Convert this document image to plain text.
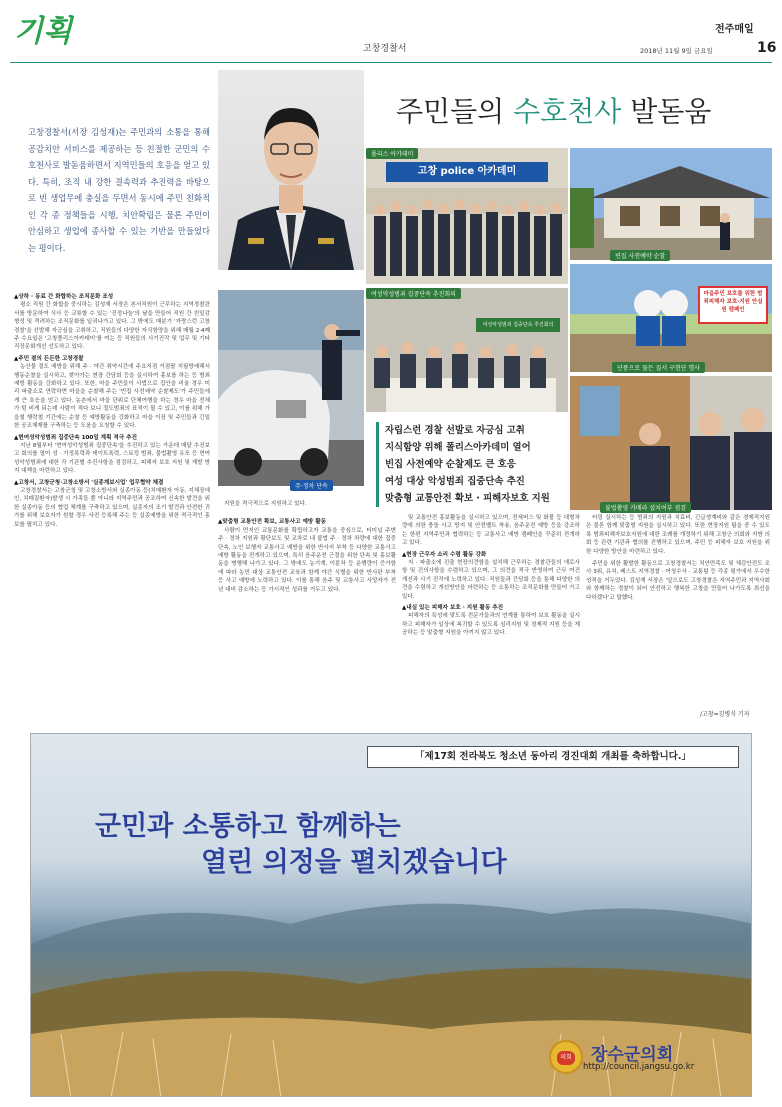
기획	고창경찰서
전주매일
2018년 11월 9일 금요일	16
김성재 서장
고창경찰서(서장 김성재)는 주민과의 소통을 통해 공감치안 서비스를 제공하는 등 친절한 군민의 수호천사로 발돋움하면서 지역민들의 호응을 얻고 있다. 특히, 조직 내 강한 결속력과 추진력을 바탕으로 빈 생업무에 충실을 두면서 동시에 주민 친화적인 각 종 정책들을 시행, 치안확립은 물론 주민이 안심하고 생업에 종사할 수 있는 기반을 만들었다는 평이다.
주민들의 수호천사 발돋움
고창 police 아카데미
폴리스 아카데미
빈집 사전예약 순찰
여성악성범죄 집중단속 추진회의
여성악성범죄 집중단속 추진회의	마을주민 보호를 위한 범죄피해자 보호·지원 안심원 캠페인
단풍으로 물든 질서 구현단 행사
주·정차 단속
불법촬영 카메라 설치여부 점검
자립스런 경찰 선발로 자긍심 고취
지식함양 위해 폴리스아카데미 열어
빈집 사전예약 순찰제도 큰 호응
여성 대상 악성범죄 집중단속 추진
맞춤형 교통안전 확보 · 피해자보호 지원
▲상하 · 동료 간 화합하는 조직문화 조성

평소 직원 간 화합을 중시하는 김성재 서장은 본서직원이 근무하는 지역경찰관서를 방문하여 식사 등 교류할 수 있는 '진정나눔'의 날을 만들어 직원 간 친밀감 형성 및 격려하는 조직문화를 일궈나가고 있다. 그 밖에도 매분기 '자랑스런 고창경찰'을 선발해 자긍심을 고취하고, 직원들의 다양한 자식함양을 위해 매월 2·4째주 수요일은 '고창폴리스아카데미'를 여는 등 직원들의 사기진작 및 업무 및 기타 직장문화개선 선도하고 있다.

▲주민 곁의 든든한 고창경찰

농산물 절도 예방을 위해 주 · 야간 취약시간에 주요지점 거점팔 지필방예해서 행동순찰을 실시하고, 찾아가는 현장 간담회 등을 실시하여 홍보를 하는 등 범죄예방 활동을 강화하고 있다. 또한, 마을 주민들이 사법으로 집안을 비울 경우 미리 파출소로 연락하면 마을을 순찰해 주는 '빈집 사전예약 순찰제도'가 주민들에게 큰 호응을 얻고 있다. 농촌에서 마을 단위로 단체여행을 하는 경우 마을 전체가 텅 비게 되는데 사람이 적다 보니 절도범죄의 표적이 될 수 있고, 이를 위해 가을철 행락철 기간에는 순찰 등 예방활동을 강화하고 마을 이장 및 주민들과 긴밀한 공조체제를 구축하는 등 도움을 요청할 수 있다.

▲현여성악성범죄 집중단속 100일 계획 적극 추진

지난 8월부터 '현여성악성범죄 집중단속'을 추진하고 있는 가운데 매달 추진보고 회의를 열어 성 · 가정폭력과 데이트폭력, 스토킹 범죄, 불법촬영 유포 등 현여성악성범죄에 대한 각 기관별 추진사항을 점검하고, 피해자 보호 지원 및 재발 방지 대책을 마련하고 있다.

▲고창서, 고창군청·고창소방서 '실종계보시업' 업무협약 체결

고창경찰서는 고창군청 및 고창소방서와 실종아동 등(치매환자 아동, 지체장애인, 치매질환자)발생 시 가족들 뿐 아니라 지역주민과 공조하여 신속한 발견을 위한 실종아동 등의 협업 체계를 구축하고 있으며, 실종자의 조기 발견과 안전한 귀가를 위해 보호자가 원할 경우 사전 등록해 주는 등 실종예방을 위한 적극적인 홍보를 펼치고 있다.

지원을 적극적으로 지원하고 있다.

▲맞춤형 교통안전 확보, 교통사고 예방 활동

사람이 먼저인 교통문화를 확립하고자 교통을 중심으로, 터미널 주변 주 · 정차 지원과 황단보도 및 교차로 내 불법 주 · 정차 차량에 대한 집중 단속, 노인 보행자 교통사고 예방을 위한 반사지 부착 등 다양한 교통사고 예방 활동을 전개하고 있으며, 특히 음주운전 근절을 위한 단속 및 홍보활동을 병행해 나가고 있다. 그 밖에도 농기계, 이륜차 등 운행량이 증가함에 따라 농민 대상 교통안전 교육과 함께 야간 식별을 위한 반사판 부착 등 사고 예방에 노력하고 있다. 이를 통해 음주 및 교통사고 사망자가 전년 대비 감소하는 등 가시적인 성과를 거두고 있다.

및 교통안전 홍보활동을 실시하고 있으며, 전세버스 및 화물 등 대형차량에 의한 충돌 사고 방지 및 안전벨트 착용, 음주운전 예방 등을 강조하는 한편 지역주민과 협력하는 등 교통사고 예방 캠페인을 꾸준히 전개하고 있다.

▲현장 근무자 소리 수렴 활동 강화

지 · 파출소에 진출 현장의견함을 설치해 근무하는 경찰관들의 애로사항 및 건의사항을 수렴하고 있으며, 그 의견을 적극 반영하여 근무 여건 개선과 사기 진작에 노력하고 있다. 직원들과 간담회 등을 통해 다양한 의견을 수렴하고 개선방안을 마련하는 등 소통하는 조직문화를 만들어 가고 있다.

▲내실 있는 피해자 보호 · 지원 활동 추진

피해자의 특성에 맞도록 전문가들과의 연계를 통하여 보호 활동을 실시하고 피해자가 일상에 복귀할 수 있도록 심리지원 및 경제적 지원 등을 제공하는 등 맞춤형 지원을 아끼지 않고 있다.

터링 실시하는 등 범죄의 지원과 치료비, 긴급생계비와 같은 경제적지원은 물론 함께 맞춤형 지원을 실시하고 있다. 또한 현장지원 팀을 중 수 있도록 범죄피해자보호지원에 대한 조례를 개정하기 위해 고창군 의회와 지방 의회 등 관련 기관과 협의를 진행하고 있으며, 주민 등 피해자 보호 지원을 위한 다양한 방안을 마련하고 있다.

주민을 위한 활발한 활동으로 고창경찰서는 치안만족도 및 체감안전도 조사 3위, 유치, 베스트 지역경찰 · 여청수사 · 교통팀 등 각종 평가에서 우수한 성적을 거두었다. 김성재 서장은 '앞으로도 고창경찰은 지역주민과 지역사회와 함께하는 경찰이 되어 안전하고 행복한 고창을 만들어 나가도록 최선을 다하겠다'고 말했다.

/고창=김병식 기자
「제17회 전라북도 청소년 동아리 경진대회 개최를 축하합니다.」
군민과 소통하고 함께하는
열린 의정을 펼치겠습니다
의회 장수군의회
http://council.jangsu.go.kr
